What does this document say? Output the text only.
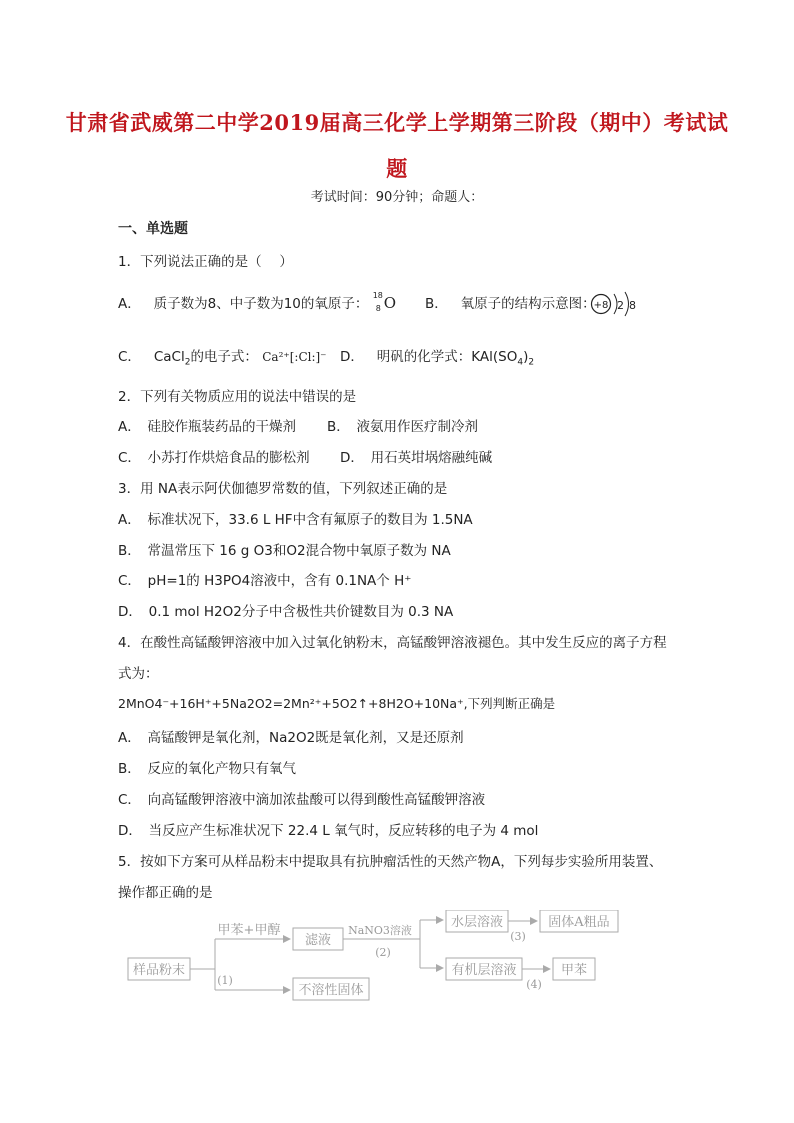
甘肃省武威第二中学2019届高三化学上学期第三阶段（期中）考试试
题
考试时间：90分钟；命题人：
一、单选题
1．下列说法正确的是（　 ）
A． 质子数为8、中子数为10的氧原子：
18
8 O B． 氧原子的结构示意图：
+8 2 8
C． CaCl$_2$的电子式： Ca²⁺[:Cl:]⁻ D． 明矾的化学式：$KAl(SO_4)_2$
2．下列有关物质应用的说法中错误的是
A．　硅胶作瓶装药品的干燥剂 B．　液氨用作医疗制冷剂
C．　小苏打作烘焙食品的膨松剂 D．　用石英坩埚熔融纯碱
3．用 NA表示阿伏伽德罗常数的值，下列叙述正确的是
A．　标准状况下，33.6 L HF中含有氟原子的数目为 1.5NA
B．　常温常压下 16 g O3和O2混合物中氧原子数为 NA
C．　pH=1的 H3PO4溶液中，含有 0.1NA个 H⁺
D．　0.1 mol H2O2分子中含极性共价键数目为 0.3 NA
4．在酸性高锰酸钾溶液中加入过氧化钠粉末，高锰酸钾溶液褪色。其中发生反应的离子方程
式为：
2MnO4⁻+16H⁺+5Na2O2=2Mn²⁺+5O2↑+8H2O+10Na⁺,下列判断正确是
A．　高锰酸钾是氧化剂，Na2O2既是氧化剂，又是还原剂
B．　反应的氧化产物只有氧气
C．　向高锰酸钾溶液中滴加浓盐酸可以得到酸性高锰酸钾溶液
D．　当反应产生标准状况下 22.4 L 氧气时，反应转移的电子为 4 mol
5．按如下方案可从样品粉末中提取具有抗肿瘤活性的天然产物A，下列每步实验所用装置、
操作都正确的是
样品粉末
甲苯+甲醇
(1)
滤液
不溶性固体
NaNO3溶液
(2)
水层溶液
(3)
固体A粗品
有机层溶液
(4)
甲苯
